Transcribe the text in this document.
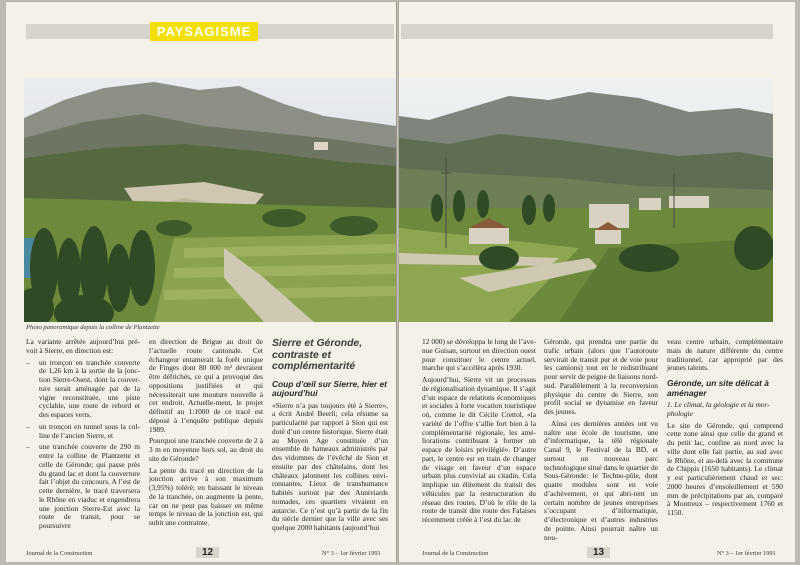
PAYSAGISME
Photo panoramique depuis la colline de Plantzette

La variante arrêtée aujourd’hui pré-voit à Sierre, en direction est:

– un tronçon en tranchée couverte de 1,26 km à la sortie de la jonc-tion Sierre-Ouest, dont la couver-ture serait aménagée par de la vigne reconstituée, une piste cyclable, une route de rebord et des espaces verts.
– un tronçon en tunnel sous la col-line de l’ancien Sierre, et
– une tranchée couverte de 290 m entre la colline de Plantzette et celle de Géronde; qui passe près du grand lac et dont la couverture fait l’objet du concours. A l’est de cette dernière, le tracé traversera le Rhône en viaduc et engendrera une jonction Sierre-Est avec la route de transit, pour se poursuivre

en direction de Brigue au droit de l’actuelle route cantonale. Cet échangeur entamerait la forêt unique de Finges dont 80 000 m² devraient être défrichés, ce qui a provoqué des oppositions justifiées et qui nécessiterait une mouture nouvelle à cet endroit. Actuelle-ment, le projet définitif au 1:1000 de ce tracé est déposé à l’enquête publique depuis 1989.

Pourquoi une tranchée couverte de 2 à 3 m en moyenne hors sol, au droit du site de Géronde?

La pente du tracé en direction de la jonction arrive à son maximum (3,95%) toléré; en baissant le niveau de la tranchée, on augmente la pente, car on ne peut pas baisser en même temps le niveau de la jonction est, qui subit une contrainte.

Sierre et Géronde, contraste et complémentarité
Coup d’œil sur Sierre, hier et aujourd’hui

«Sierre n’a pas toujours été à Sierre», a écrit André Beerli; cela résume sa particularité par rapport à Sion qui est doté d’un centre historique. Sierre était au Moyen Age constituée d’un ensemble de hameaux administrés par des vidomnes de l’évêché de Sion et ensuite par des châtelains, dont les châteaux jalonnent les collines envi-ronnantes. Lieux de transhumance habités surtout par des Anniviards nomades, ces quartiers vivaient en autarcie. Ce n’est qu’à partir de la fin du siècle dernier que la ville avec ses quelque 2000 habitants (aujourd’hui

Journal de la Construction	12	N° 3 – 1er février 1991

12 000) se développa le long de l’ave-nue Guisan, surtout en direction ouest pour constituer le centre actuel, marche qui s’accélèra après 1930.

Aujourd’hui, Sierre vit un processus de régionalisation dynamique. Il s’agit d’un espace de relations économiques et sociales à forte vocation touristique où, comme le dit Cécile Crettol, «la variété de l’offre s’allie fort bien à la complémentarité régionale, les amé-liorations contribuant à former un espace de loisirs privilégié». D’autre part, le centre est en train de changer de visage en faveur d’un espace urbain plus convivial au citadin. Cela implique un élitement du transit des véhicules par la restructuration du réseau des routes. D’où le rôle de la route de transit dite route des Falaises récemment créée à l’est du lac de

Géronde, qui prendra une partie du trafic urbain (alors que l’autoroute servirait de transit pur et de voie pour les camions) tout en le redistribuant pour servir de peigne de liaisons nord-sud. Parallèlement à la reconversion physique du centre de Sierre, son profil social se dynamise en faveur des jeunes.

Ainsi ces dernières années ont vu naître une école de tourisme, une d’informatique, la télé régionale Canal 9, le Festival de la BD, et surtout un nouveau parc technologique situé dans le quartier de Sous-Géronde: le Techno-pôle, dont quatre modules sont en voie d’achèvement, et qui abri-tent un certain nombre de jeunes entreprises s’occupant d’informatique, d’électronique et d’autres industries de pointe. Ainsi pourrait naître un nou-

veau centre urbain, complémentaire mais de nature différente du centre traditionnel, car approprié par des jeunes talents.

Géronde, un site délicat à aménager

1. Le climat, la géologie et la mor-phologie

Le site de Géronde, qui comprend cette zone ainsi que celle du grand et du petit lac, confine au nord avec la ville dont elle fait partie, au sud avec le Rhône, et au-delà avec la commune de Chippis (1650 habitants). Le climat y est particulièrement chaud et sec: 2000 heures d’ensoleillement et 590 mm de précipitations par an, comparé à Montreux – respectivement 1760 et 1150.

Journal de la Construction	13	N° 3 – 1er février 1991
